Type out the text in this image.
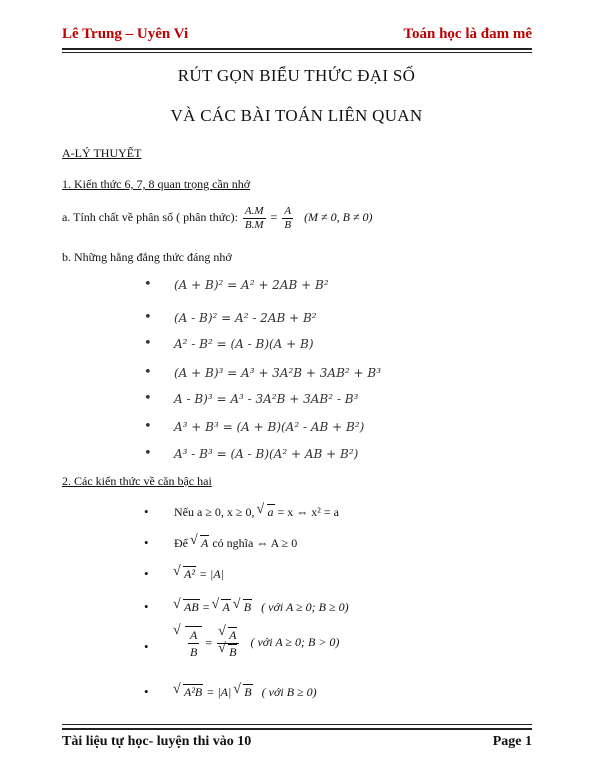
Lê Trung – Uyên Vi	Toán học là đam mê
RÚT GỌN BIỂU THỨC ĐẠI SỐ
VÀ CÁC BÀI TOÁN LIÊN QUAN
A-LÝ THUYẾT
1. Kiến thức 6, 7, 8 quan trọng cần nhớ
a. Tính chất về phân số ( phân thức): $\frac{A.M}{B.M} = \frac{A}{B} (M \ne 0$, B ≠ 0)
b. Những hằng đẳng thức đáng nhớ
(A + B)² = A² + 2AB + B²
(A - B)² = A² - 2AB + B²
A² - B² = (A - B)(A + B)
(A + B)³ = A³ + 3A²B + 3AB² + B³
A - B)³ = A³ - 3A²B + 3AB² - B³
A³ + B³ = (A + B)(A² - AB + B²)
A³ - B³ = (A - B)(A² + AB + B²)
2. Các kiến thức về căn bậc hai
Nếu a ≥ 0, x ≥ 0, √ a = x ⇔ x² = a
Để √ A có nghĩa ⇔ A ≥ 0
√ A² = |A|
√ AB = √ A √ B ( với A ≥ 0; B ≥ 0)
√ $\frac{A}{B}$ = √ A
√ B ( với A ≥ 0; B > 0)
√ A²B = |A| √ B ( với B ≥ 0)
Tài liệu tự học- luyện thi vào 10	Page 1
